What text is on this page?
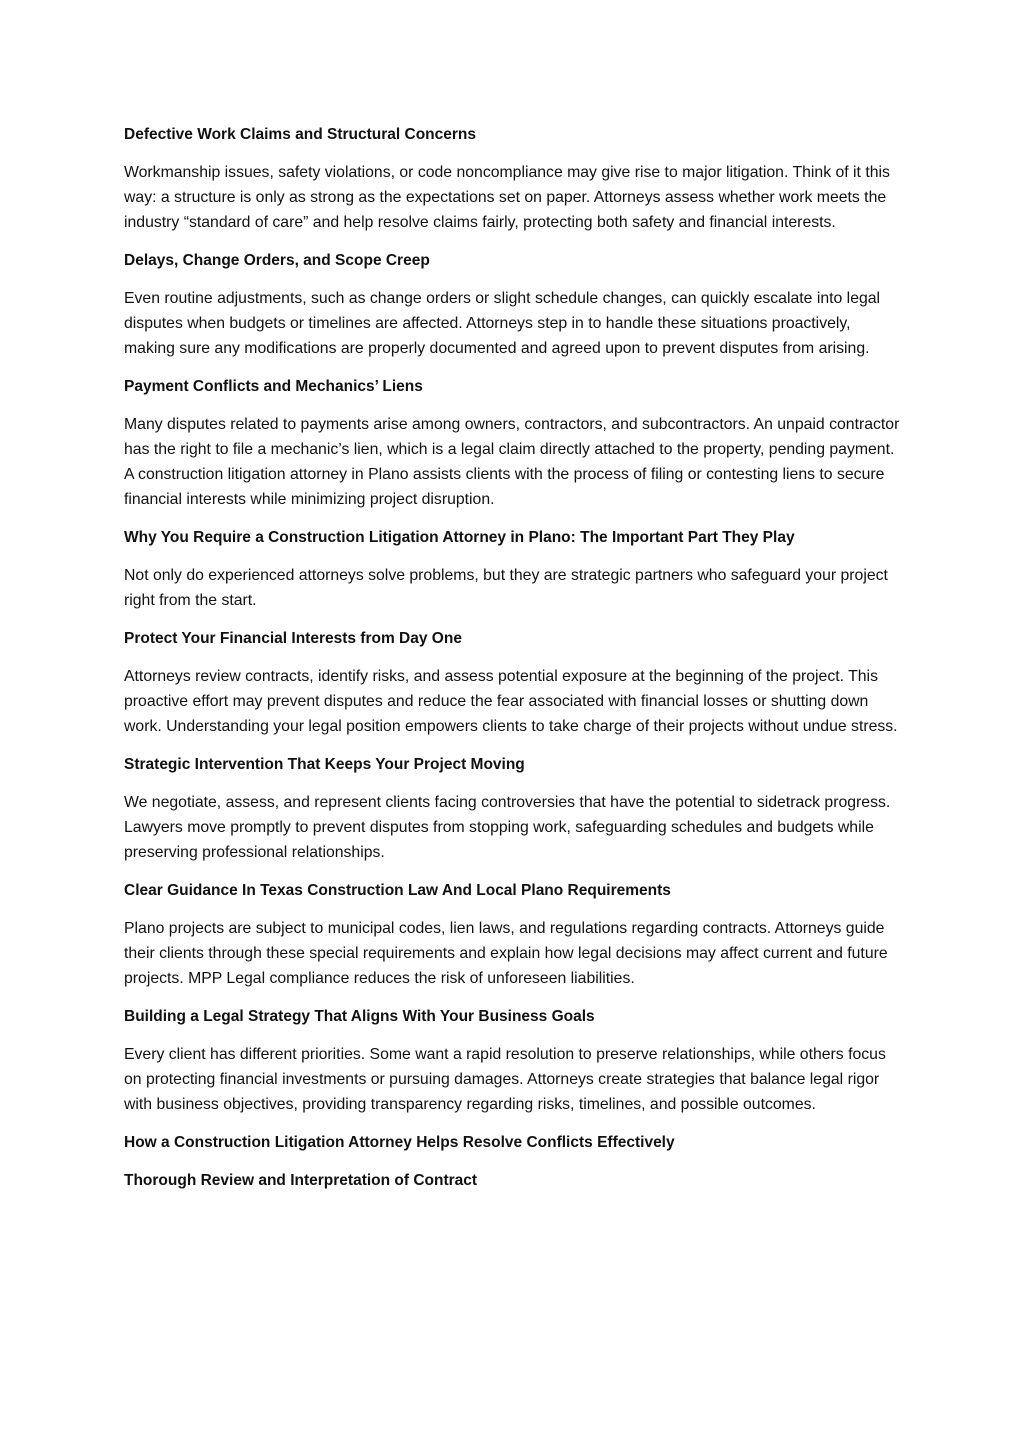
Defective Work Claims and Structural Concerns
Workmanship issues, safety violations, or code noncompliance may give rise to major litigation. Think of it this way: a structure is only as strong as the expectations set on paper. Attorneys assess whether work meets the industry “standard of care” and help resolve claims fairly, protecting both safety and financial interests.
Delays, Change Orders, and Scope Creep
Even routine adjustments, such as change orders or slight schedule changes, can quickly escalate into legal disputes when budgets or timelines are affected. Attorneys step in to handle these situations proactively, making sure any modifications are properly documented and agreed upon to prevent disputes from arising.
Payment Conflicts and Mechanics’ Liens
Many disputes related to payments arise among owners, contractors, and subcontractors. An unpaid contractor has the right to file a mechanic’s lien, which is a legal claim directly attached to the property, pending payment. A construction litigation attorney in Plano assists clients with the process of filing or contesting liens to secure financial interests while minimizing project disruption.
Why You Require a Construction Litigation Attorney in Plano: The Important Part They Play
Not only do experienced attorneys solve problems, but they are strategic partners who safeguard your project right from the start.
Protect Your Financial Interests from Day One
Attorneys review contracts, identify risks, and assess potential exposure at the beginning of the project. This proactive effort may prevent disputes and reduce the fear associated with financial losses or shutting down work. Understanding your legal position empowers clients to take charge of their projects without undue stress.
Strategic Intervention That Keeps Your Project Moving
We negotiate, assess, and represent clients facing controversies that have the potential to sidetrack progress. Lawyers move promptly to prevent disputes from stopping work, safeguarding schedules and budgets while preserving professional relationships.
Clear Guidance In Texas Construction Law And Local Plano Requirements
Plano projects are subject to municipal codes, lien laws, and regulations regarding contracts. Attorneys guide their clients through these special requirements and explain how legal decisions may affect current and future projects. MPP Legal compliance reduces the risk of unforeseen liabilities.
Building a Legal Strategy That Aligns With Your Business Goals
Every client has different priorities. Some want a rapid resolution to preserve relationships, while others focus on protecting financial investments or pursuing damages. Attorneys create strategies that balance legal rigor with business objectives, providing transparency regarding risks, timelines, and possible outcomes.
How a Construction Litigation Attorney Helps Resolve Conflicts Effectively
Thorough Review and Interpretation of Contract
